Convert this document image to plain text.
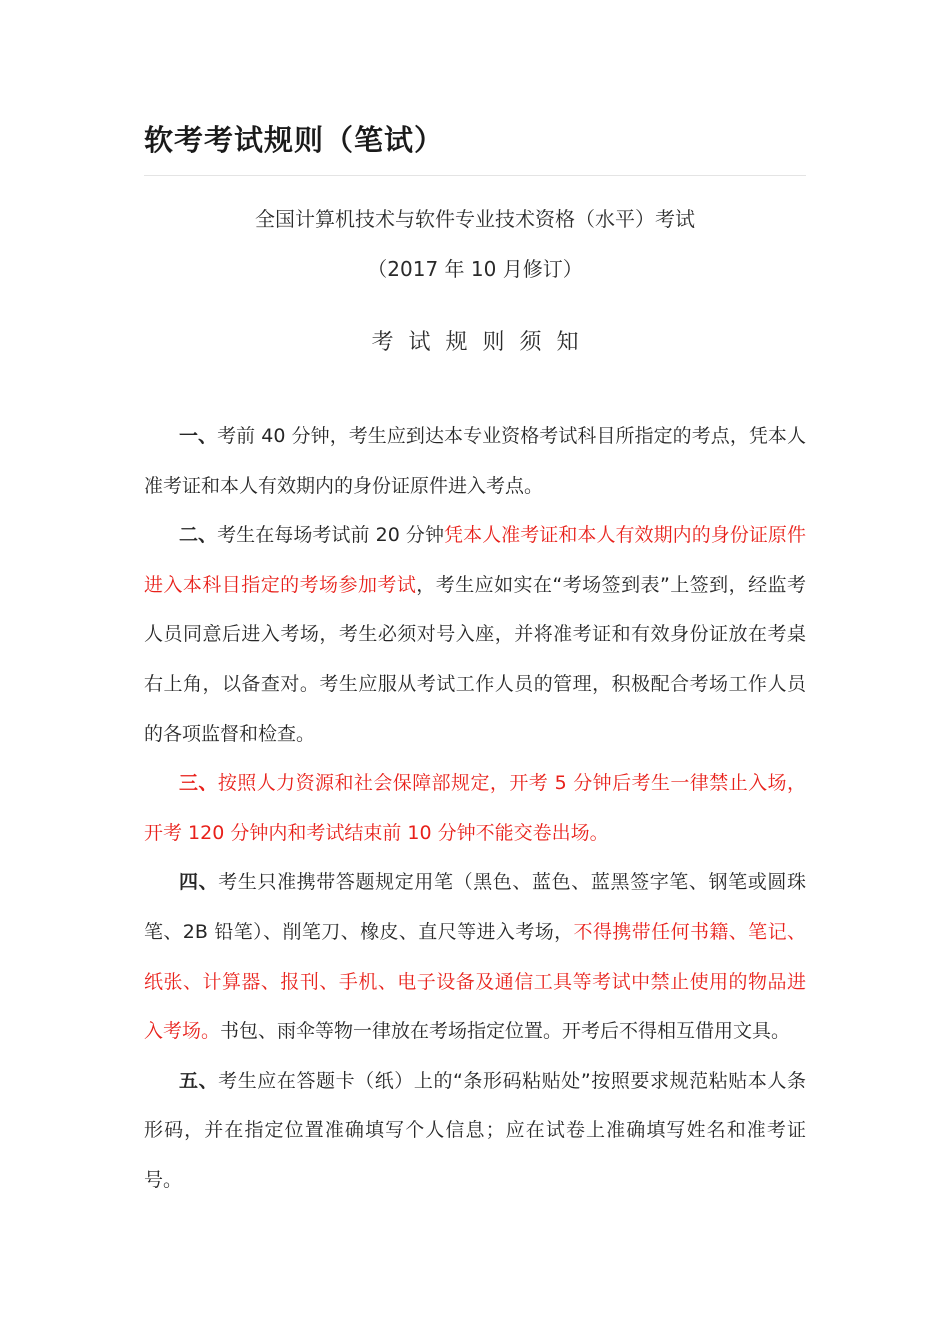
软考考试规则（笔试）

全国计算机技术与软件专业技术资格（水平）考试

（2017 年 10 月修订）

考试规则须知

一、考前 40 分钟，考生应到达本专业资格考试科目所指定的考点，凭本人准考证和本人有效期内的身份证原件进入考点。

二、考生在每场考试前 20 分钟凭本人准考证和本人有效期内的身份证原件进入本科目指定的考场参加考试，考生应如实在“考场签到表”上签到，经监考人员同意后进入考场，考生必须对号入座，并将准考证和有效身份证放在考桌右上角，以备查对。考生应服从考试工作人员的管理，积极配合考场工作人员的各项监督和检查。

三、按照人力资源和社会保障部规定，开考 5 分钟后考生一律禁止入场，开考 120 分钟内和考试结束前 10 分钟不能交卷出场。

四、考生只准携带答题规定用笔（黑色、蓝色、蓝黑签字笔、钢笔或圆珠笔、2B 铅笔）、削笔刀、橡皮、直尺等进入考场，不得携带任何书籍、笔记、纸张、计算器、报刊、手机、电子设备及通信工具等考试中禁止使用的物品进入考场。书包、雨伞等物一律放在考场指定位置。开考后不得相互借用文具。

五、考生应在答题卡（纸）上的“条形码粘贴处”按照要求规范粘贴本人条形码，并在指定位置准确填写个人信息；应在试卷上准确填写姓名和准考证号。
